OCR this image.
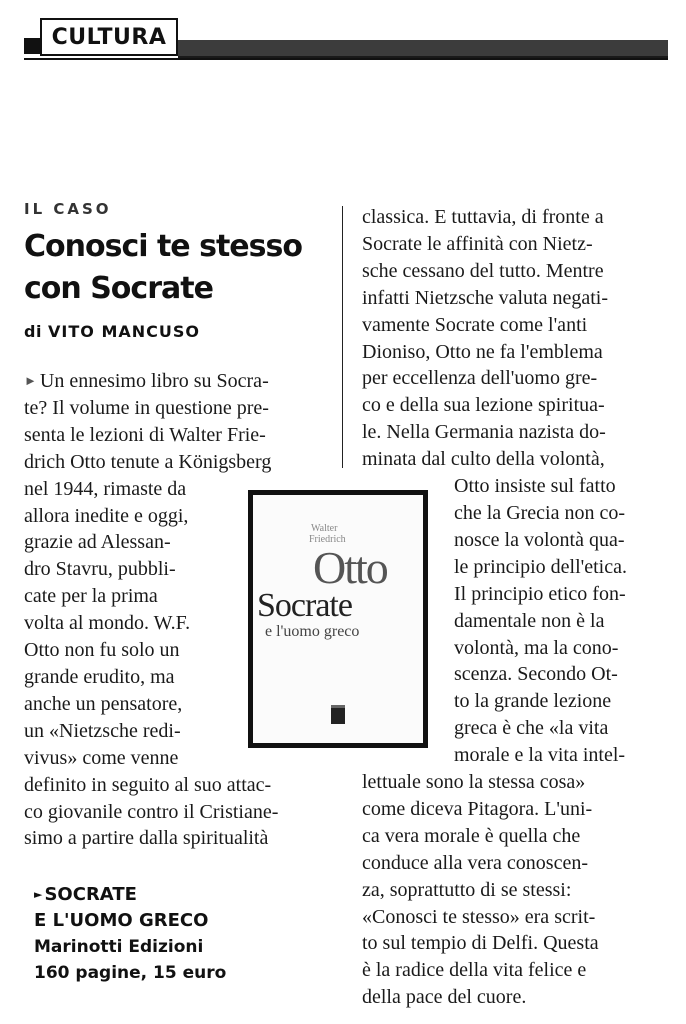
CULTURA
IL CASO
Conosci te stesso
con Socrate
di VITO MANCUSO
► Un ennesimo libro su Socra-
te? Il volume in questione pre-
senta le lezioni di Walter Frie-
drich Otto tenute a Königsberg
nel 1944, rimaste da
allora inedite e oggi,
grazie ad Alessan-
dro Stavru, pubbli-
cate per la prima
volta al mondo. W.F.
Otto non fu solo un
grande erudito, ma
anche un pensatore,
un «Nietzsche redi-
vivus» come venne
definito in seguito al suo attac-
co giovanile contro il Cristiane-
simo a partire dalla spiritualità
classica. E tuttavia, di fronte a
Socrate le affinità con Nietz-
sche cessano del tutto. Mentre
infatti Nietzsche valuta negati-
vamente Socrate come l'anti
Dioniso, Otto ne fa l'emblema
per eccellenza dell'uomo gre-
co e della sua lezione spiritua-
le. Nella Germania nazista do-
minata dal culto della volontà,
Otto insiste sul fatto
che la Grecia non co-
nosce la volontà qua-
le principio dell'etica.
Il principio etico fon-
damentale non è la
volontà, ma la cono-
scenza. Secondo Ot-
to la grande lezione
greca è che «la vita
morale e la vita intel-
lettuale sono la stessa cosa»
come diceva Pitagora. L'uni-
ca vera morale è quella che
conduce alla vera conoscen-
za, soprattutto di se stessi:
«Conosci te stesso» era scrit-
to sul tempio di Delfi. Questa
è la radice della vita felice e
della pace del cuore.
Walter
Friedrich
Otto
Socrate
e l'uomo greco
► SOCRATE
E L'UOMO GRECO
Marinotti Edizioni
160 pagine, 15 euro
